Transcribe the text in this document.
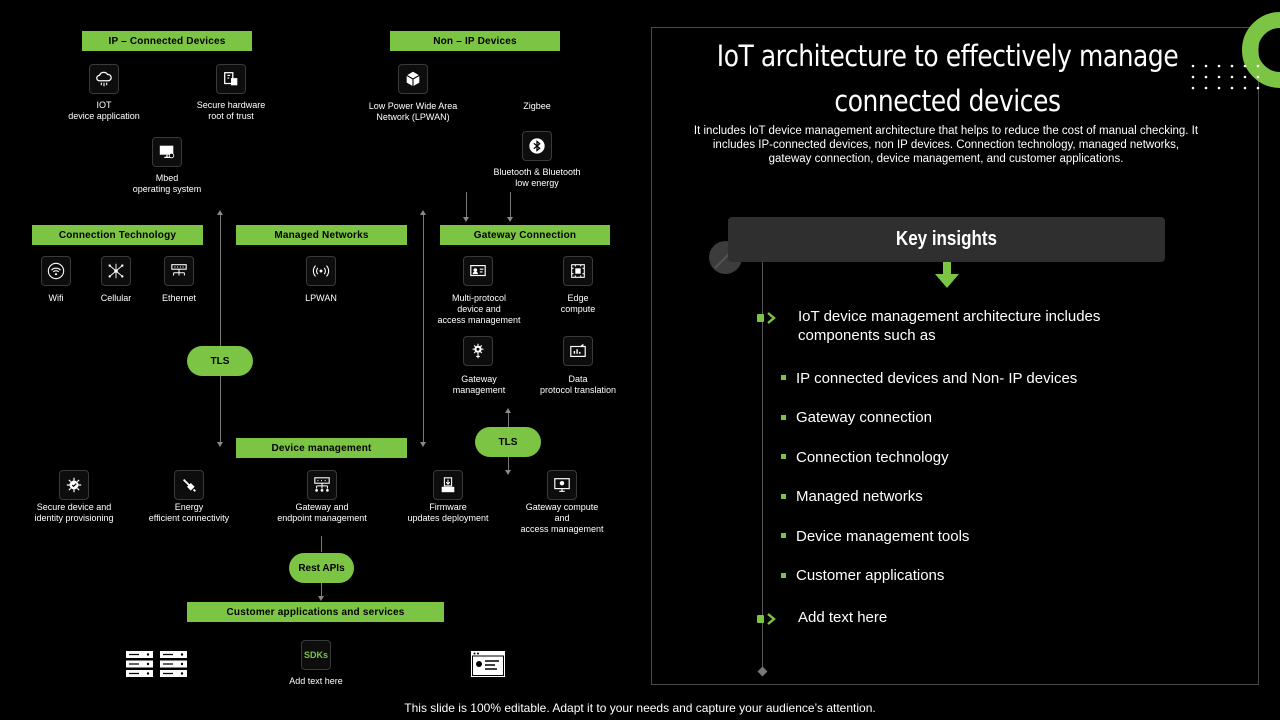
IP – Connected Devices	Non – IP Devices
Connection Technology	Managed Networks	Gateway Connection
Device management
Customer applications and services
IOT
device application
Secure hardware
root of trust
Mbed
operating system
Low Power Wide Area
Network (LPWAN)
Zigbee
Bluetooth & Bluetooth
low energy
Wifi	Cellular	Ethernet	LPWAN
TLS
Multi-protocol
device and
access management
Edge
compute
Gateway
management
Data
protocol translation
TLS
Secure device and
identity provisioning
Energy
efficient connectivity
Gateway and
endpoint management
Firmware
updates deployment
Gateway compute
and
access management
Rest APIs
SDKs
Add text here
IoT architecture to effectively manage connected devices
It includes IoT device management architecture that helps to reduce the cost of manual checking. It includes IP-connected devices, non IP devices. Connection technology, managed networks, gateway connection, device management, and customer applications.
Key insights
IoT device management architecture includes components such as
IP connected devices and Non- IP devices
Gateway connection
Connection technology
Managed networks
Device management tools
Customer applications
Add text here
This slide is 100% editable. Adapt it to your needs and capture your audience’s attention.
